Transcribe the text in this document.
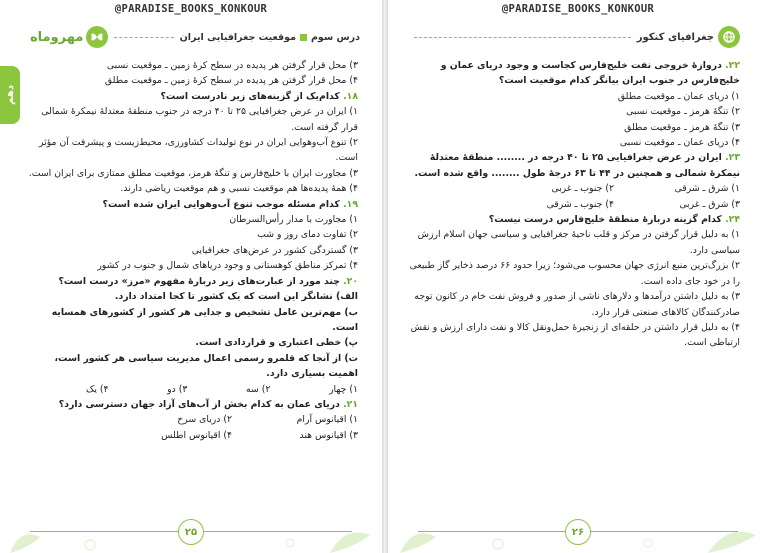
@PARADISE_BOOKS_KONKOUR
درس سوم
موقعیت جغرافیایی ایران
مهروماه
دهم

۳) محل قرار گرفتن هر پدیده در سطح کرهٔ زمین ـ موقعیت نسبی

۴) محل قرار گرفتن هر پدیده در سطح کرهٔ زمین ـ موقعیت مطلق

۱۸. کدام‌یک از گزینه‌های زیر نادرست است؟

۱) ایران در عرض جغرافیایی ۲۵ تا ۴۰ درجه در جنوب منطقهٔ معتدلهٔ نیمکرهٔ شمالی قرار گرفته است.

۲) تنوع آب‌وهوایی ایران در نوع تولیدات کشاورزی، محیط‌زیست و پیشرفت آن مؤثر است.

۳) مجاورت ایران با خلیج‌فارس و تنگهٔ هرمز، موقعیت مطلق ممتازی برای ایران است.

۴) همهٔ پدیده‌ها هم موقعیت نسبی و هم موقعیت ریاضی دارند.

۱۹. کدام مسئله موجب تنوع آب‌وهوایی ایران شده است؟

۱) مجاورت با مدار رأس‌السرطان

۲) تفاوت دمای روز و شب

۳) گستردگی کشور در عرض‌های جغرافیایی

۴) تمرکز مناطق کوهستانی و وجود دریاهای شمال و جنوب در کشور

۲۰. چند مورد از عبارت‌های زیر دربارهٔ مفهوم «مرز» درست است؟

الف) نشانگر این است که یک کشور تا کجا امتداد دارد.

ب) مهم‌ترین عامل تشخیص و جدایی هر کشور از کشورهای همسایه است.

پ) خطی اعتباری و قراردادی است.

ت) از آنجا که قلمرو رسمی اعمال مدیریت سیاسی هر کشور است، اهمیت بسیاری دارد.

۱) چهار
۲) سه
۳) دو
۴) یک

۲۱. دریای عمان به کدام بخش از آب‌های آزاد جهان دسترسی دارد؟

۱) اقیانوس آرام
۲) دریای سرخ
۳) اقیانوس هند
۴) اقیانوس اطلس
۲۵
@PARADISE_BOOKS_KONKOUR
جغرافیای کنکور

۲۲. دروازهٔ خروجی نفت خلیج‌فارس کجاست و وجود دریای عمان و خلیج‌فارس در جنوب ایران بیانگر کدام موقعیت است؟

۱) دریای عمان ـ موقعیت مطلق

۲) تنگهٔ هرمز ـ موقعیت نسبی

۳) تنگهٔ هرمز ـ موقعیت مطلق

۴) دریای عمان ـ موقعیت نسبی

۲۳. ایران در عرض جغرافیایی ۲۵ تا ۴۰ درجه در ........ منطقهٔ معتدلهٔ نیمکرهٔ شمالی و همچنین در ۴۴ تا ۶۳ درجهٔ طول ........ واقع شده است.

۱) شرق ـ شرقی
۲) جنوب ـ غربی
۳) شرق ـ غربی
۴) جنوب ـ شرقی

۲۴. کدام گزینه دربارهٔ منطقهٔ خلیج‌فارس درست نیست؟

۱) به دلیل قرار گرفتن در مرکز و قلب ناحیهٔ جغرافیایی و سیاسی جهان اسلام ارزش سیاسی دارد.

۲) بزرگ‌ترین منبع انرژی جهان محسوب می‌شود؛ زیرا حدود ۶۶ درصد ذخایر گاز طبیعی را در خود جای داده است.

۳) به دلیل داشتن درآمدها و دلارهای ناشی از صدور و فروش نفت خام در کانون توجه صادرکنندگان کالاهای صنعتی قرار دارد.

۴) به دلیل قرار داشتن در حلقه‌ای از زنجیرهٔ حمل‌ونقل کالا و نفت دارای ارزش و نقش ارتباطی است.

۲۶
